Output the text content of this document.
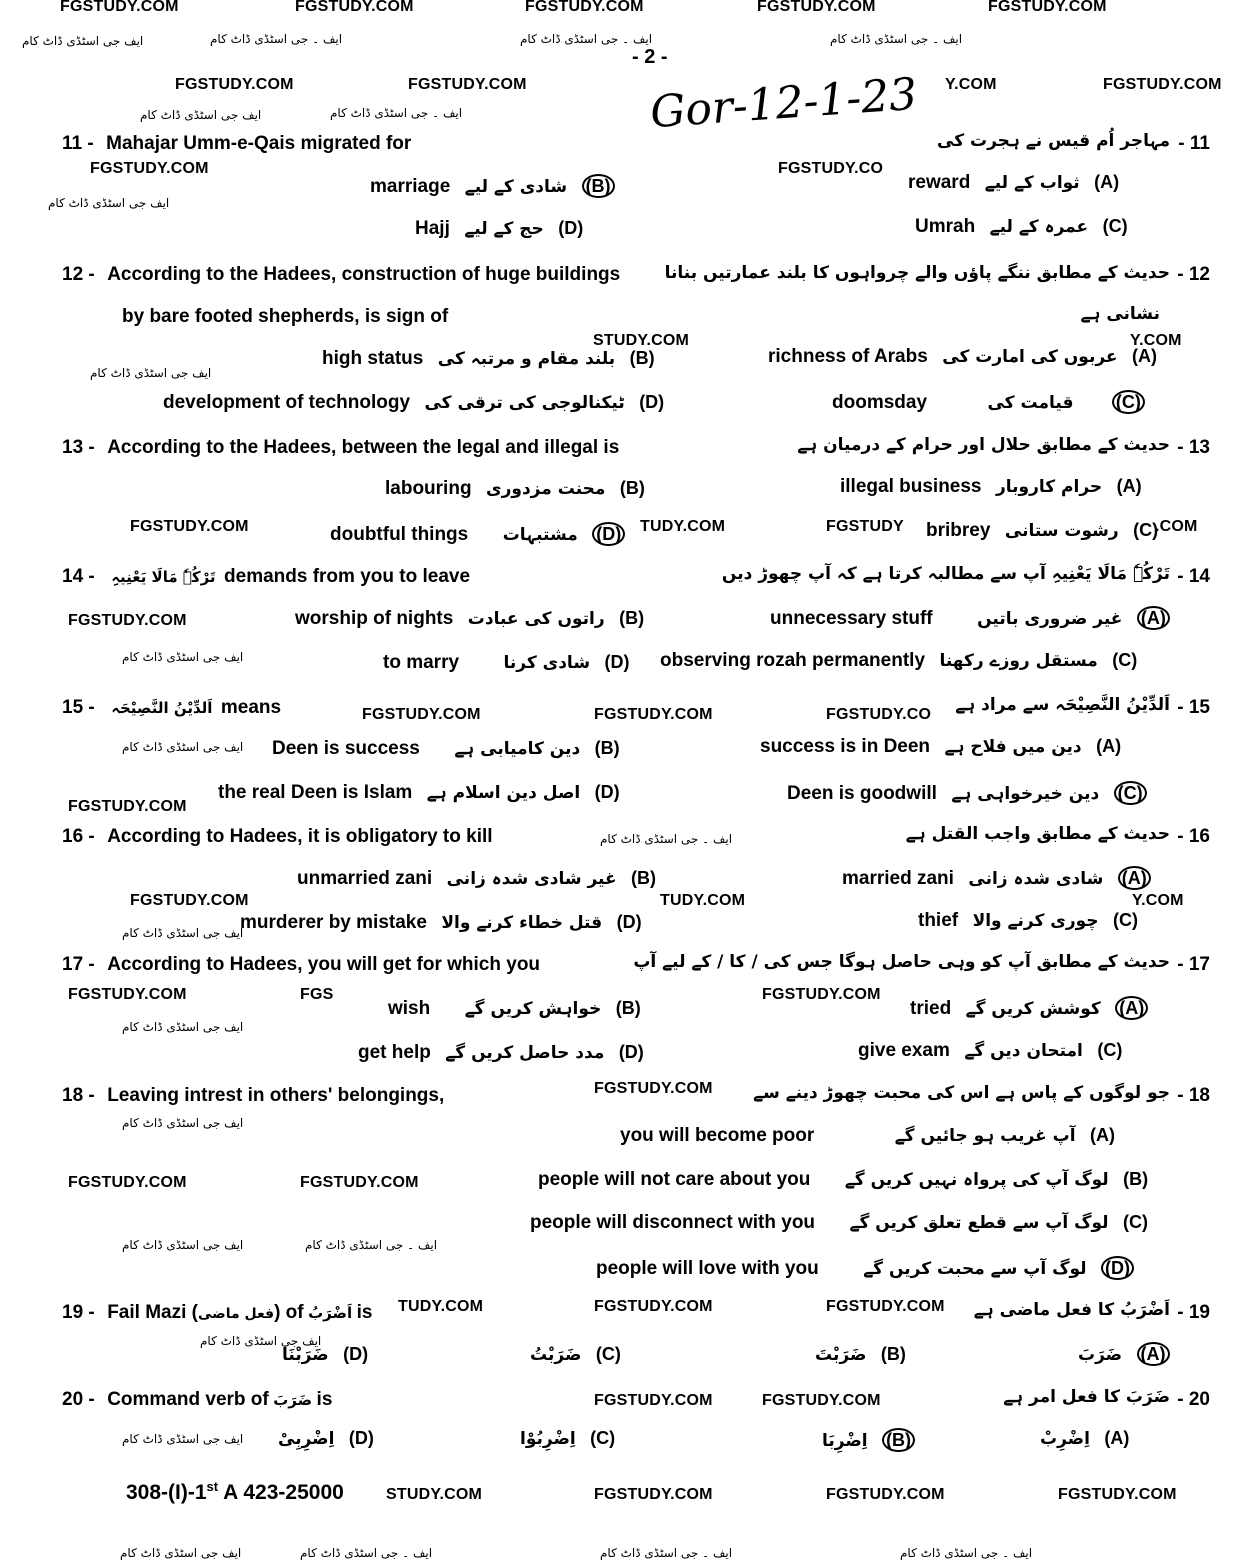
FGSTUDY.COM	FGSTUDY.COM	FGSTUDY.COM	FGSTUDY.COM	FGSTUDY.COM
ایف جی اسٹڈی ڈاٹ کام	ایف ۔ جی اسٹڈی ڈاٹ کام	ایف ۔ جی اسٹڈی ڈاٹ کام	ایف ۔ جی اسٹڈی ڈاٹ کام
- 2 -
FGSTUDY.COM	FGSTUDY.COM	FGSTUDY.COM
Y.COM
Gor-12-1-23
ایف جی اسٹڈی ڈاٹ کام	ایف ۔ جی اسٹڈی ڈاٹ کام
11 - Mahajar Umm-e-Qais migrated for	مہاجر اُم قیس نے ہجرت کی - 11
FGSTUDY.COM	FGSTUDY.CO
ایف جی اسٹڈی ڈاٹ کام
reward ثواب کے لیے (A)
marriage شادی کے لیے (B)
Umrah عمرہ کے لیے (C)
Hajj حج کے لیے (D)
12 - According to the Hadees, construction of huge buildings
by bare footed shepherds, is sign of
حدیث کے مطابق ننگے پاؤں والے چرواہوں کا بلند عمارتیں بنانا
نشانی ہے
- 12
Y.COM
STUDY.COM
ایف جی اسٹڈی ڈاٹ کام
richness of Arabs عربوں کی امارت کی (A)
high status بلند مقام و مرتبہ کی (B)
doomsday	قیامت کی (C)
development of technology ٹیکنالوجی کی ترقی کی (D)
13 - According to the Hadees, between the legal and illegal is	حدیث کے مطابق حلال اور حرام کے درمیان ہے - 13
illegal business حرام کاروبار (A)
labouring محنت مزدوری (B)
FGSTUDY.COM	TUDY.COM	FGSTUDY	.COM
bribrey رشوت ستانی (C)
doubtful things مشتبہات (D)
14 - تَرْکُہٗ مَالَا یَعْنِیہِ demands from you to leave	تَرْکُہٗ مَالَا یَعْنِیہِ آپ سے مطالبہ کرتا ہے کہ آپ چھوڑ دیں - 14
FGSTUDY.COM	unnecessary stuff	غیر ضروری باتیں (A)
worship of nights راتوں کی عبادت (B)
ایف جی اسٹڈی ڈاٹ کام	observing rozah permanently مستقل روزے رکھنا (C)
to marry	شادی کرنا (D)
15 - اَلدِّیْنُ النَّصِیْحَہ means	FGSTUDY.COM	FGSTUDY.COM	FGSTUDY.CO اَلدِّیْنُ النَّصِیْحَہ سے مراد ہے - 15
ایف جی اسٹڈی ڈاٹ کام	success is in Deen دین میں فلاح ہے (A)
Deen is success دین کامیابی ہے (B)
FGSTUDY.COM
Deen is goodwill دین خیرخواہی ہے (C)
the real Deen is Islam اصل دین اسلام ہے (D)
16 - According to Hadees, it is obligatory to kill	ایف ۔ جی اسٹڈی ڈاٹ کام	حدیث کے مطابق واجب القتل ہے - 16
married zani شادی شدہ زانی (A)
unmarried zani غیر شادی شدہ زانی (B)
FGSTUDY.COM	TUDY.COM	Y.COM
ایف جی اسٹڈی ڈاٹ کام
thief چوری کرنے والا (C)
murderer by mistake قتل خطاء کرنے والا (D)
17 - According to Hadees, you will get for which you	حدیث کے مطابق آپ کو وہی حاصل ہوگا جس کی / کا / کے لیے آپ - 17
FGSTUDY.COM	FGS	FGSTUDY.COM
tried کوشش کریں گے (A)
wish خواہش کریں گے (B)
ایف جی اسٹڈی ڈاٹ کام
give exam امتحان دیں گے (C)
get help مدد حاصل کریں گے (D)
18 - Leaving intrest in others' belongings,	FGSTUDY.COM جو لوگوں کے پاس ہے اس کی محبت چھوڑ دینے سے - 18
ایف جی اسٹڈی ڈاٹ کام
you will become poor	آپ غریب ہو جائیں گے (A)
FGSTUDY.COM	FGSTUDY.COM	people will not care about you لوگ آپ کی پرواہ نہیں کریں گے (B)
people will disconnect with you لوگ آپ سے قطع تعلق کریں گے (C)
ایف جی اسٹڈی ڈاٹ کام	ایف ۔ جی اسٹڈی ڈاٹ کام
people will love with you	لوگ آپ سے محبت کریں گے (D)
19 - Fail Mazi (فعل ماضی) of اَضْرَبُ is TUDY.COM	FGSTUDY.COM	FGSTUDY.COM اَضْرَبُ کا فعل ماضی ہے - 19
ایف جی اسٹڈی ڈاٹ کام
ضَرَبَ (A)
ضَرَبْتَ (B)
ضَرَبْتُ (C)
ضَرَبْنَا (D)
20 - Command verb of ضَرَبَ is	FGSTUDY.COM	FGSTUDY.COM	ضَرَبَ کا فعل امر ہے - 20
ایف جی اسٹڈی ڈاٹ کام	اِضْرِبْ (A)
اِضْرِبَا (B)
اِضْرِبُوْا (C)
اِضْرِبِیْ (D)
308-(I)-1st A 423-25000	STUDY.COM	FGSTUDY.COM	FGSTUDY.COM	FGSTUDY.COM
ایف جی اسٹڈی ڈاٹ کام	ایف ۔ جی اسٹڈی ڈاٹ کام	ایف ۔ جی اسٹڈی ڈاٹ کام	ایف ۔ جی اسٹڈی ڈاٹ کام
